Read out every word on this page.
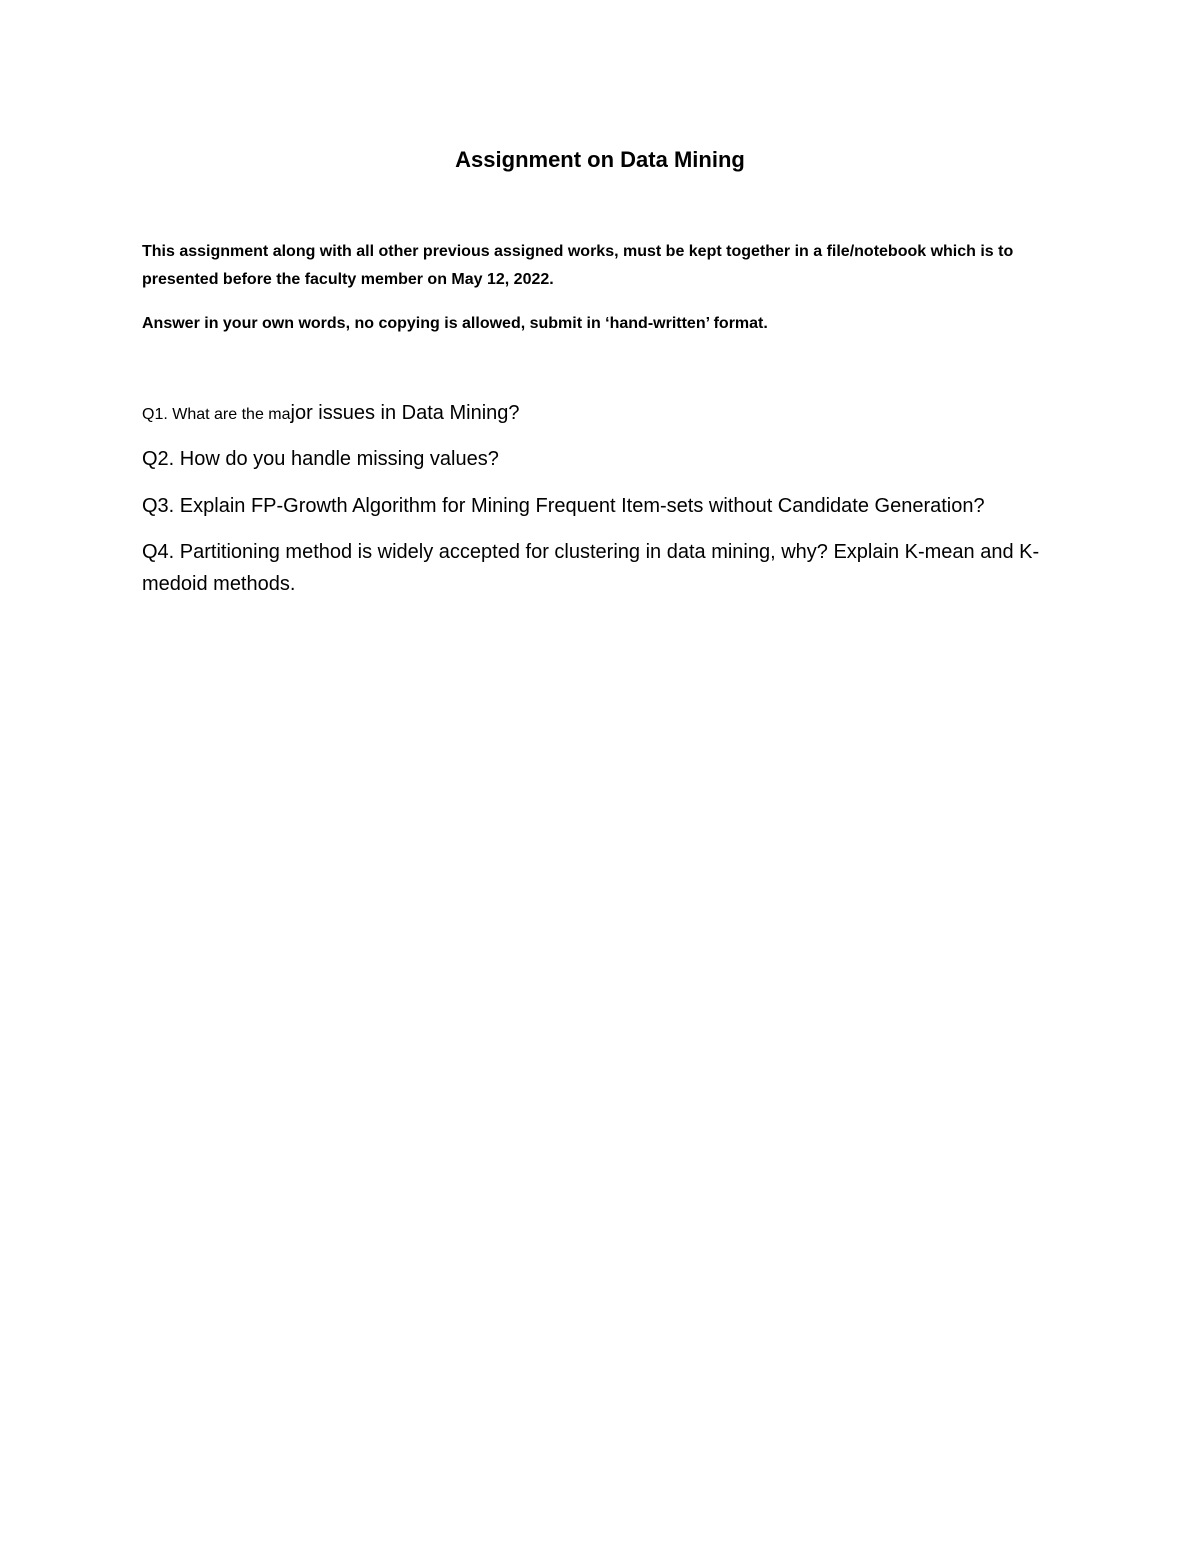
Assignment on Data Mining

This assignment along with all other previous assigned works, must be kept together in a file/notebook which is to presented before the faculty member on May 12, 2022.

Answer in your own words, no copying is allowed, submit in ‘hand-written’ format.

Q1. What are the major issues in Data Mining?

Q2. How do you handle missing values?

Q3. Explain FP-Growth Algorithm for Mining Frequent Item-sets without Candidate Generation?

Q4. Partitioning method is widely accepted for clustering in data mining, why? Explain K-mean and K-medoid methods.
